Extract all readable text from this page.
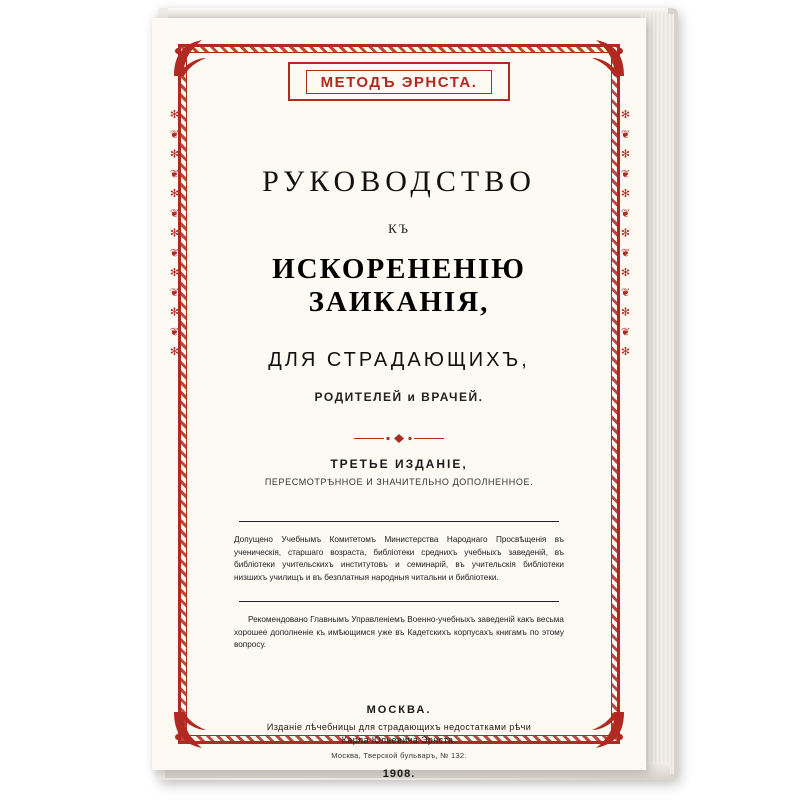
✻ ❦ ✻ ❦ ✻ ❦ ✻ ❦ ✻ ❦ ✻ ❦ ✻	✻ ❦ ✻ ❦ ✻ ❦ ✻ ❦ ✻ ❦ ✻ ❦ ✻
МЕТОДЪ ЭРНСТА.
РУКОВОДСТВО
КЪ
ИСКОРЕНЕНІЮ ЗАИКАНІЯ,
ДЛЯ СТРАДАЮЩИХЪ,
РОДИТЕЛЕЙ и ВРАЧЕЙ.
ТРЕТЬЕ ИЗДАНІЕ,
ПЕРЕСМОТРѢННОЕ И ЗНАЧИТЕЛЬНО ДОПОЛНЕННОЕ.
Допущено Учебнымъ Комитетомъ Министерства Народнаго Просвѣщенія въ ученическія, старшаго возраста, библіотеки среднихъ учебныхъ заведеній, въ библіотеки учительскихъ институтовъ и семинарій, въ учительскія библіотеки низшихъ училищъ и въ безплатныя народныя читальни и библіотеки.
Рекомендовано Главнымъ Управленіемъ Военно-учебныхъ заведеній какъ весьма хорошее дополненіе къ имѣющимся уже въ Кадетскихъ корпусахъ книгамъ по этому вопросу.
МОСКВА.
Изданіе лѣчебницы для страдающихъ недостатками рѣчи
Карла Юльевича Эрнста.
Москва, Тверской бульваръ, № 132.
1908.
